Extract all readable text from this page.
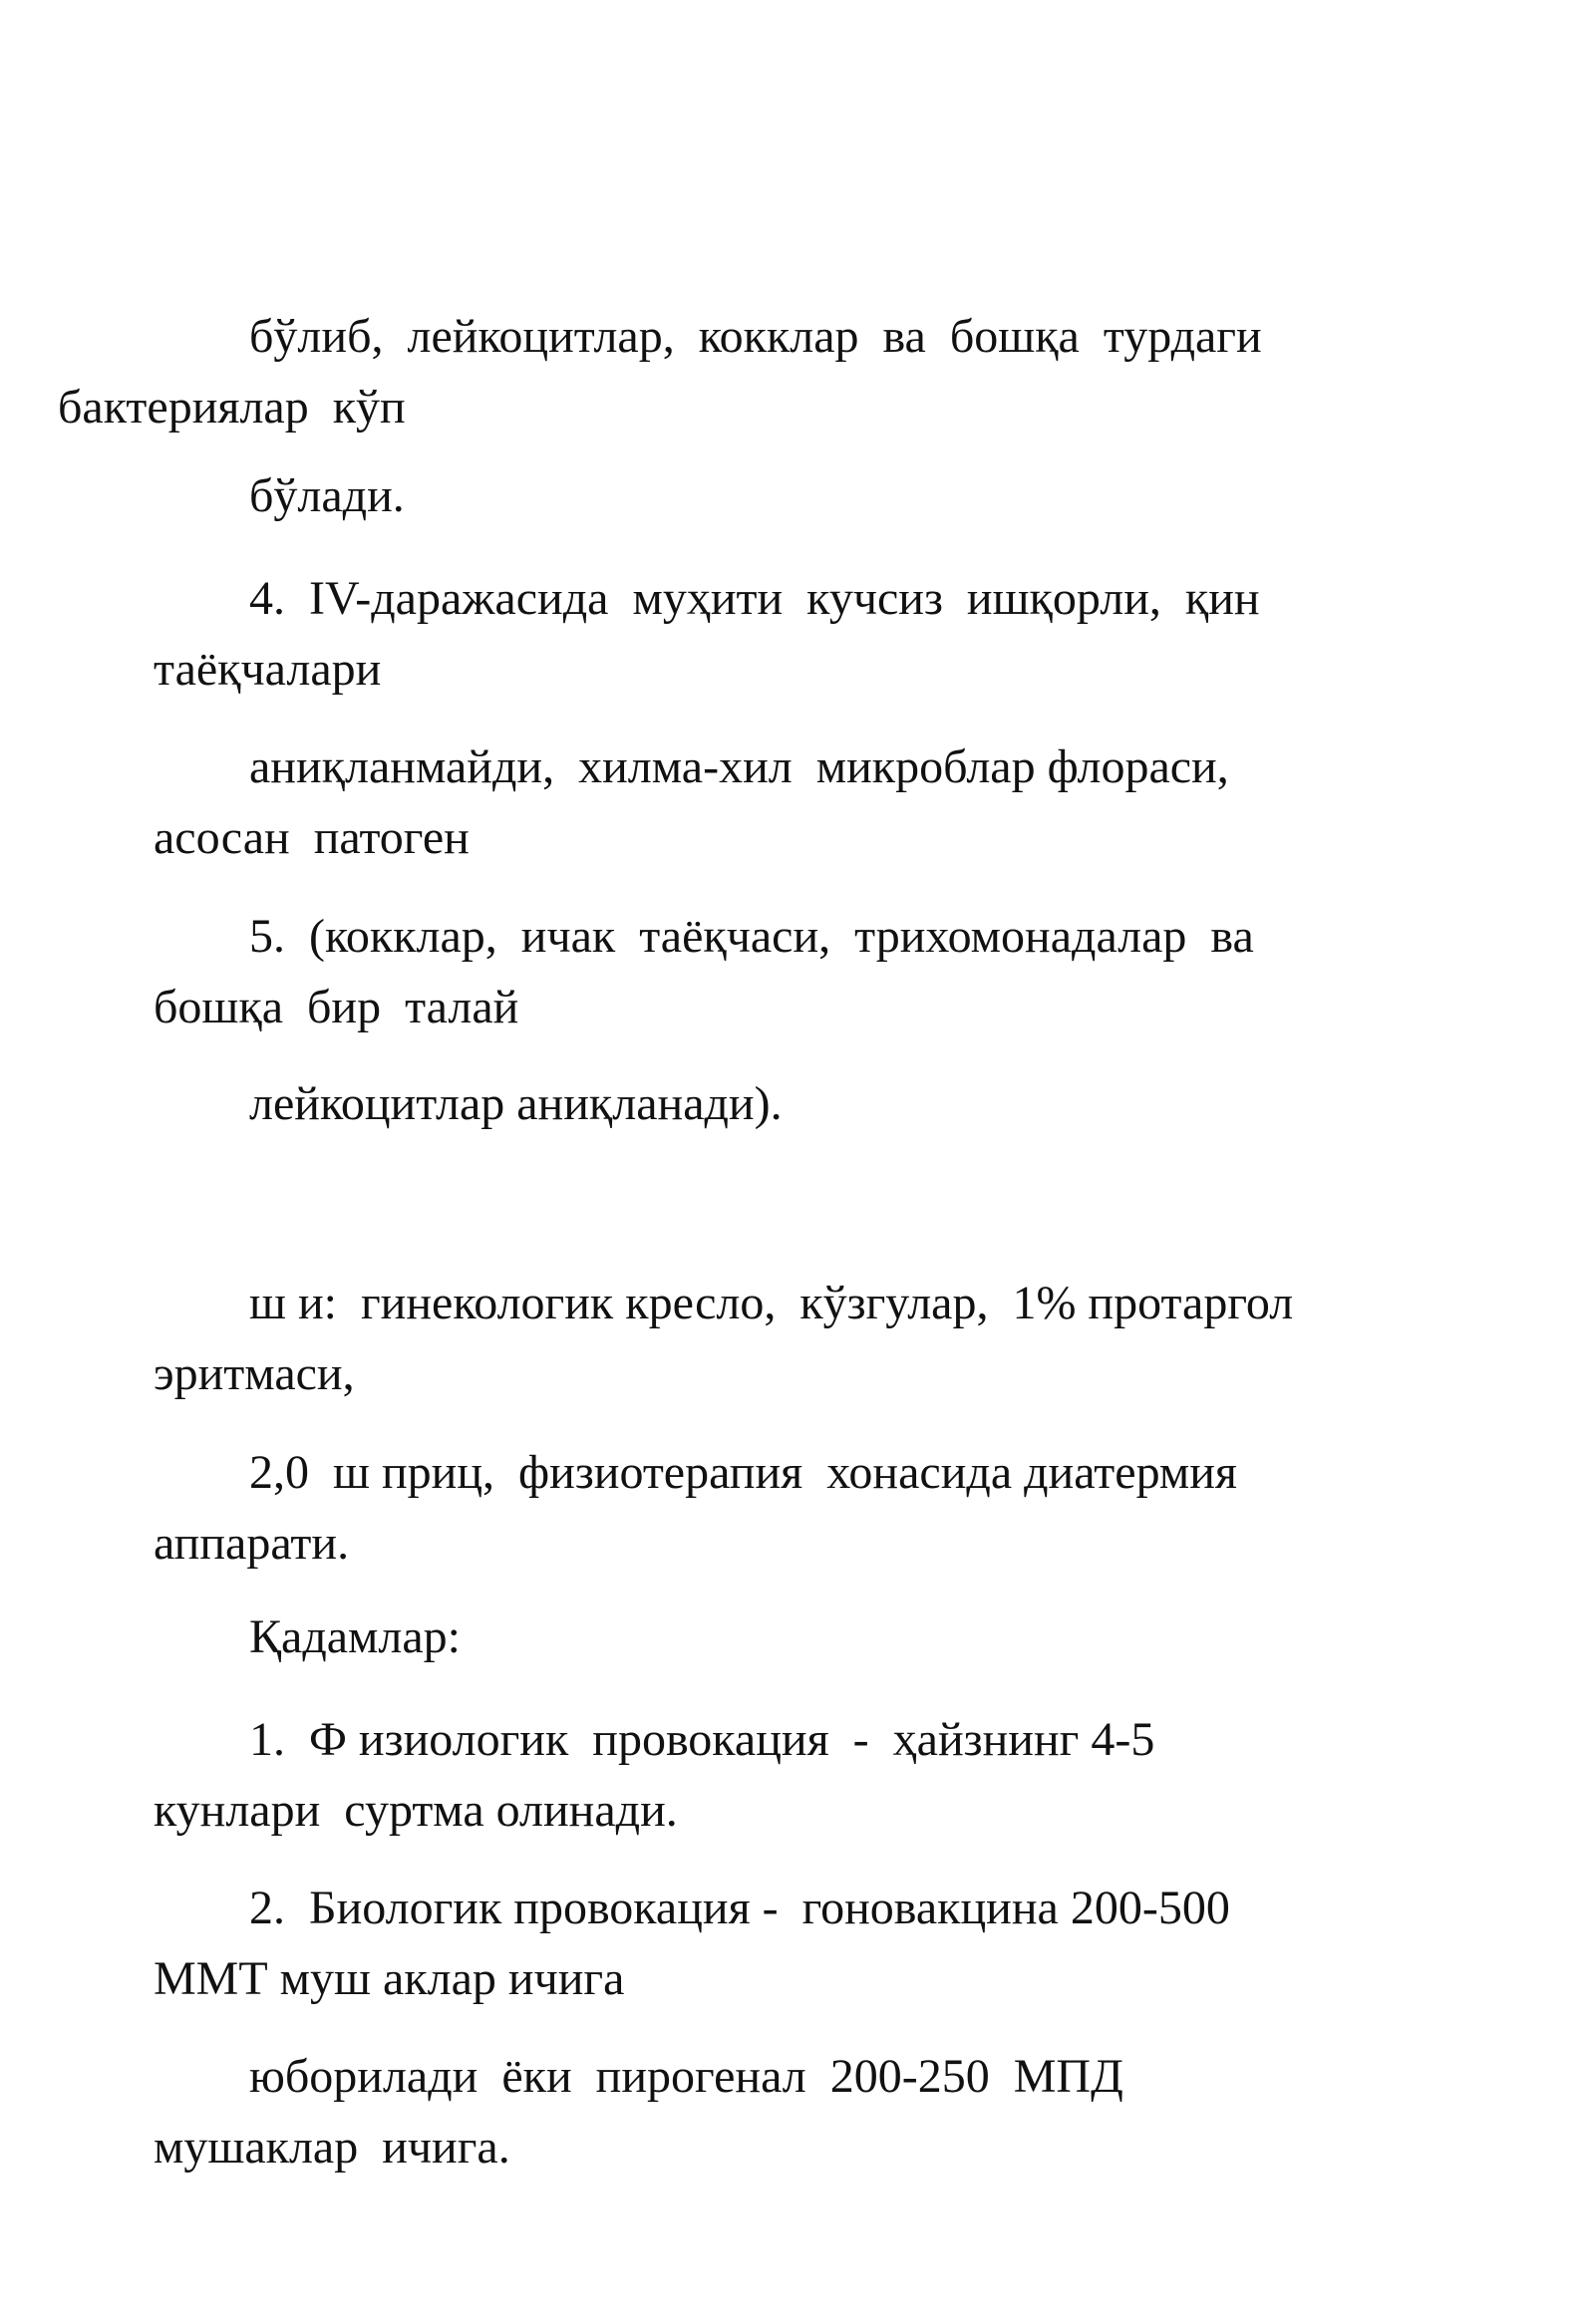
бўлиб,  лейкоцитлар,  кокклар  ва  бошқа  турдаги
бактериялар  кўп

бўлади.

4.  IV-даражасида  муҳити  кучсиз  ишқорли,  қин
таёқчалари

аниқланмайди,  хилма-хил  микроблар флораси,
асосан  патоген

5.  (кокклар,  ичак  таёқчаси,  трихомонадалар  ва
бошқа  бир  талай

лейкоцитлар аниқланади).

ш и:  гинекологик кресло,  кўзгулар,  1% протаргол
эритмаси,

2,0  ш приц,  физиотерапия  хонасида диатермия
аппарати.

Қадамлар:

1.  Ф изиологик  провокация  -  ҳайзнинг 4-5
кунлари  суртма олинади.

2.  Биологик провокация -  гоновакцина 200-500
ММТ муш аклар ичига

юборилади  ёки  пирогенал  200-250  МПД
мушаклар  ичига.
